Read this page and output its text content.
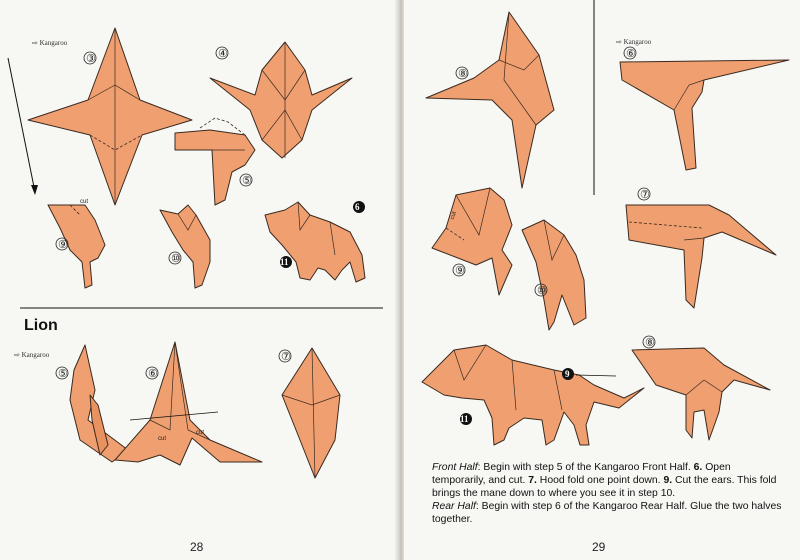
⇨ Kangaroo
⇨ Kangaroo
Lion
28
③	④
⑤
cut
⑨
⑩
6
11
⑤
cut
cut
⑥
⑦
⇨ Kangaroo
29
⑧
cut
⑨
⑩
9
11
⑥
⑦
⑧
Front Half: Begin with step 5 of the Kangaroo Front Half. 6. Open temporarily, and cut. 7. Hood fold one point down. 9. Cut the ears. This fold brings the mane down to where you see it in step 10.
Rear Half: Begin with step 6 of the Kangaroo Rear Half. Glue the two halves together.
